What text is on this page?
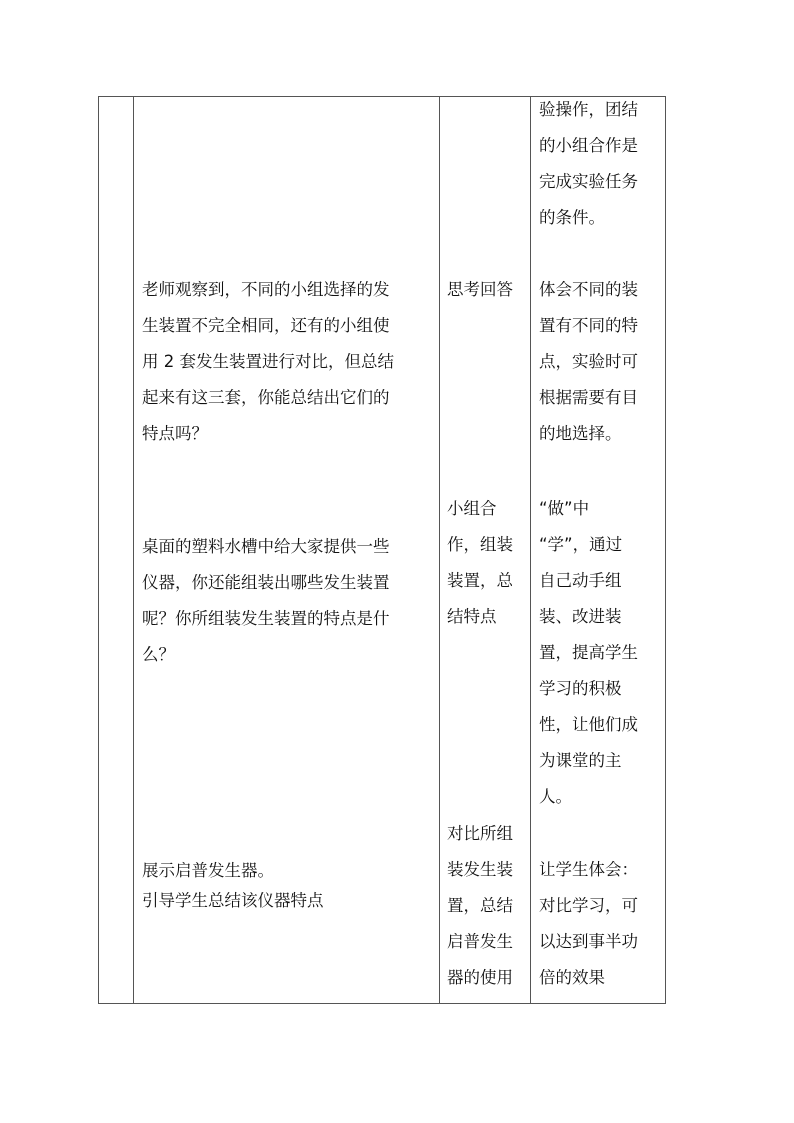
验操作，团结
的小组合作是
完成实验任务
的条件。
老师观察到，不同的小组选择的发
生装置不完全相同，还有的小组使
用 2 套发生装置进行对比，但总结
起来有这三套，你能总结出它们的
特点吗？
思考回答	体会不同的装
置有不同的特
点，实验时可
根据需要有目
的地选择。
桌面的塑料水槽中给大家提供一些
仪器，你还能组装出哪些发生装置
呢？你所组装发生装置的特点是什
么？
小组合
作，组装
装置，总
结特点
“做”中
“学”，通过
自己动手组
装、改进装
置，提高学生
学习的积极
性，让他们成
为课堂的主
人。
展示启普发生器。
引导学生总结该仪器特点
对比所组
装发生装
置，总结
启普发生
器的使用
让学生体会：
对比学习，可
以达到事半功
倍的效果
